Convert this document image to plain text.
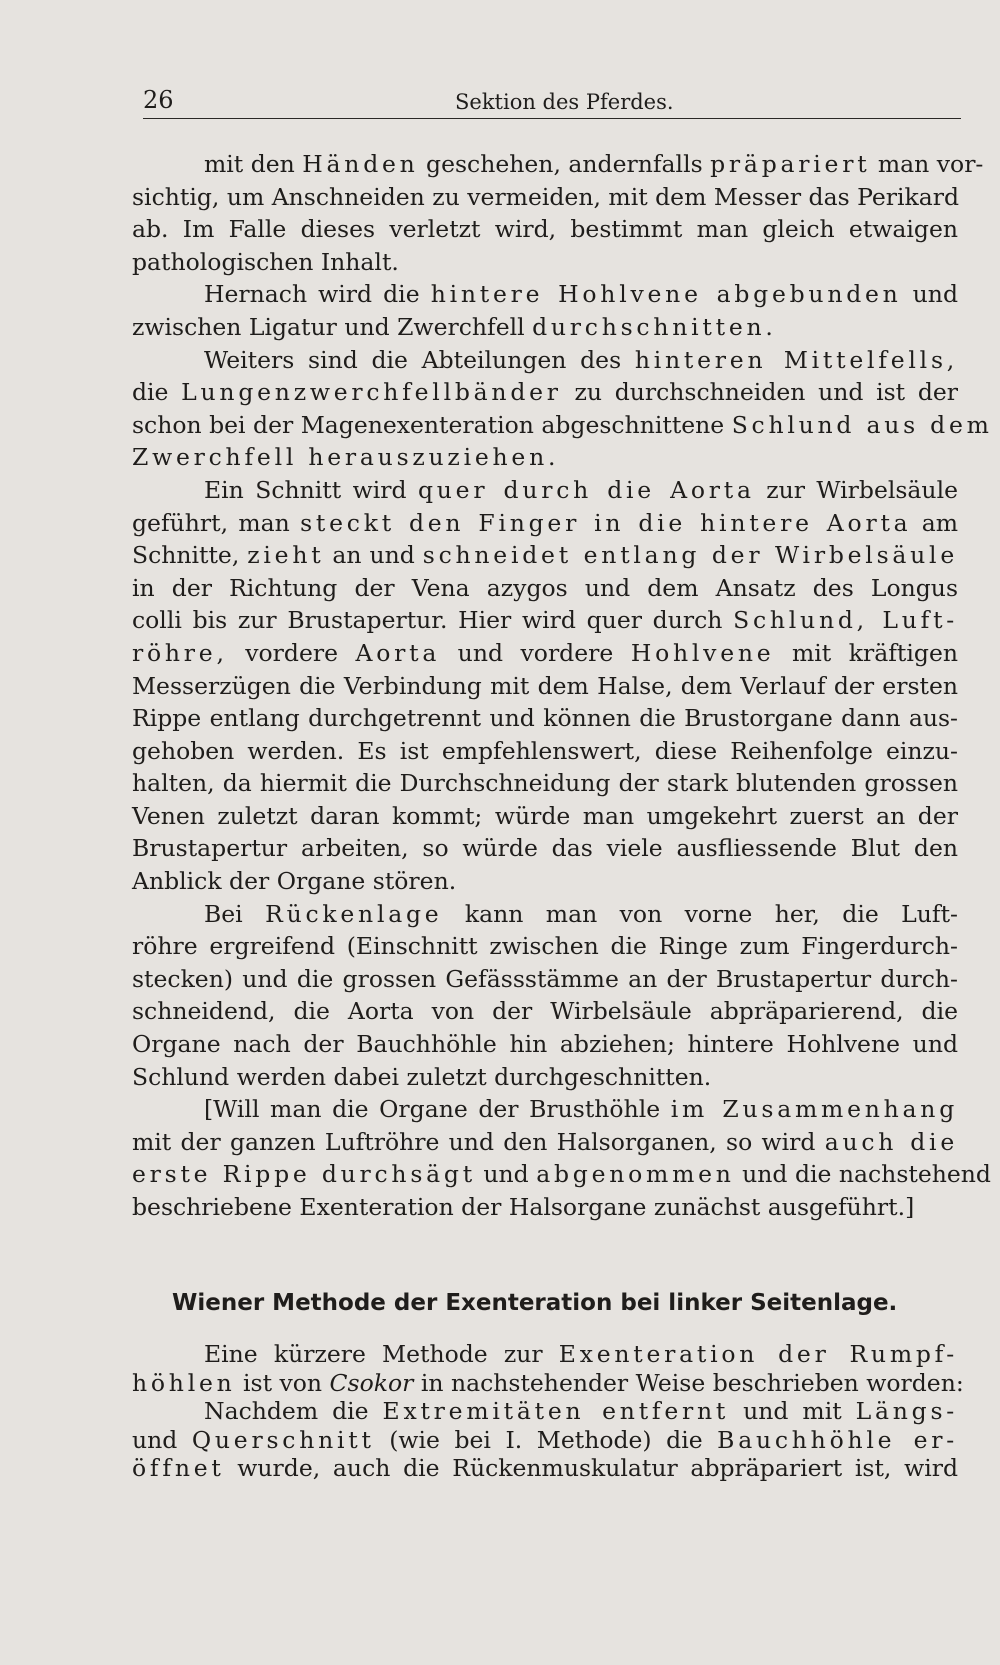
26	Sektion des Pferdes.
mit den Händen geschehen, andernfalls präpariert man vor-
sichtig, um Anschneiden zu vermeiden, mit dem Messer das Perikard
ab. Im Falle dieses verletzt wird, bestimmt man gleich etwaigen
pathologischen Inhalt.
Hernach wird die hintere Hohlvene abgebunden und
zwischen Ligatur und Zwerchfell durchschnitten.
Weiters sind die Abteilungen des hinteren Mittelfells,
die Lungenzwerchfellbänder zu durchschneiden und ist der
schon bei der Magenexenteration abgeschnittene Schlund aus dem
Zwerchfell herauszuziehen.
Ein Schnitt wird quer durch die Aorta zur Wirbelsäule
geführt, man steckt den Finger in die hintere Aorta am
Schnitte, zieht an und schneidet entlang der Wirbelsäule
in der Richtung der Vena azygos und dem Ansatz des Longus
colli bis zur Brustapertur. Hier wird quer durch Schlund, Luft-
röhre, vordere Aorta und vordere Hohlvene mit kräftigen
Messerzügen die Verbindung mit dem Halse, dem Verlauf der ersten
Rippe entlang durchgetrennt und können die Brustorgane dann aus-
gehoben werden. Es ist empfehlenswert, diese Reihenfolge einzu-
halten, da hiermit die Durchschneidung der stark blutenden grossen
Venen zuletzt daran kommt; würde man umgekehrt zuerst an der
Brustapertur arbeiten, so würde das viele ausfliessende Blut den
Anblick der Organe stören.
Bei Rückenlage kann man von vorne her, die Luft-
röhre ergreifend (Einschnitt zwischen die Ringe zum Fingerdurch-
stecken) und die grossen Gefässstämme an der Brustapertur durch-
schneidend, die Aorta von der Wirbelsäule abpräparierend, die
Organe nach der Bauchhöhle hin abziehen; hintere Hohlvene und
Schlund werden dabei zuletzt durchgeschnitten.
[Will man die Organe der Brusthöhle im Zusammenhang
mit der ganzen Luftröhre und den Halsorganen, so wird auch die
erste Rippe durchsägt und abgenommen und die nachstehend
beschriebene Exenteration der Halsorgane zunächst ausgeführt.]
Wiener Methode der Exenteration bei linker Seitenlage.
Eine kürzere Methode zur Exenteration der Rumpf-
höhlen ist von Csokor in nachstehender Weise beschrieben worden:
Nachdem die Extremitäten entfernt und mit Längs-
und Querschnitt (wie bei I. Methode) die Bauchhöhle er-
öffnet wurde, auch die Rückenmuskulatur abpräpariert ist, wird
